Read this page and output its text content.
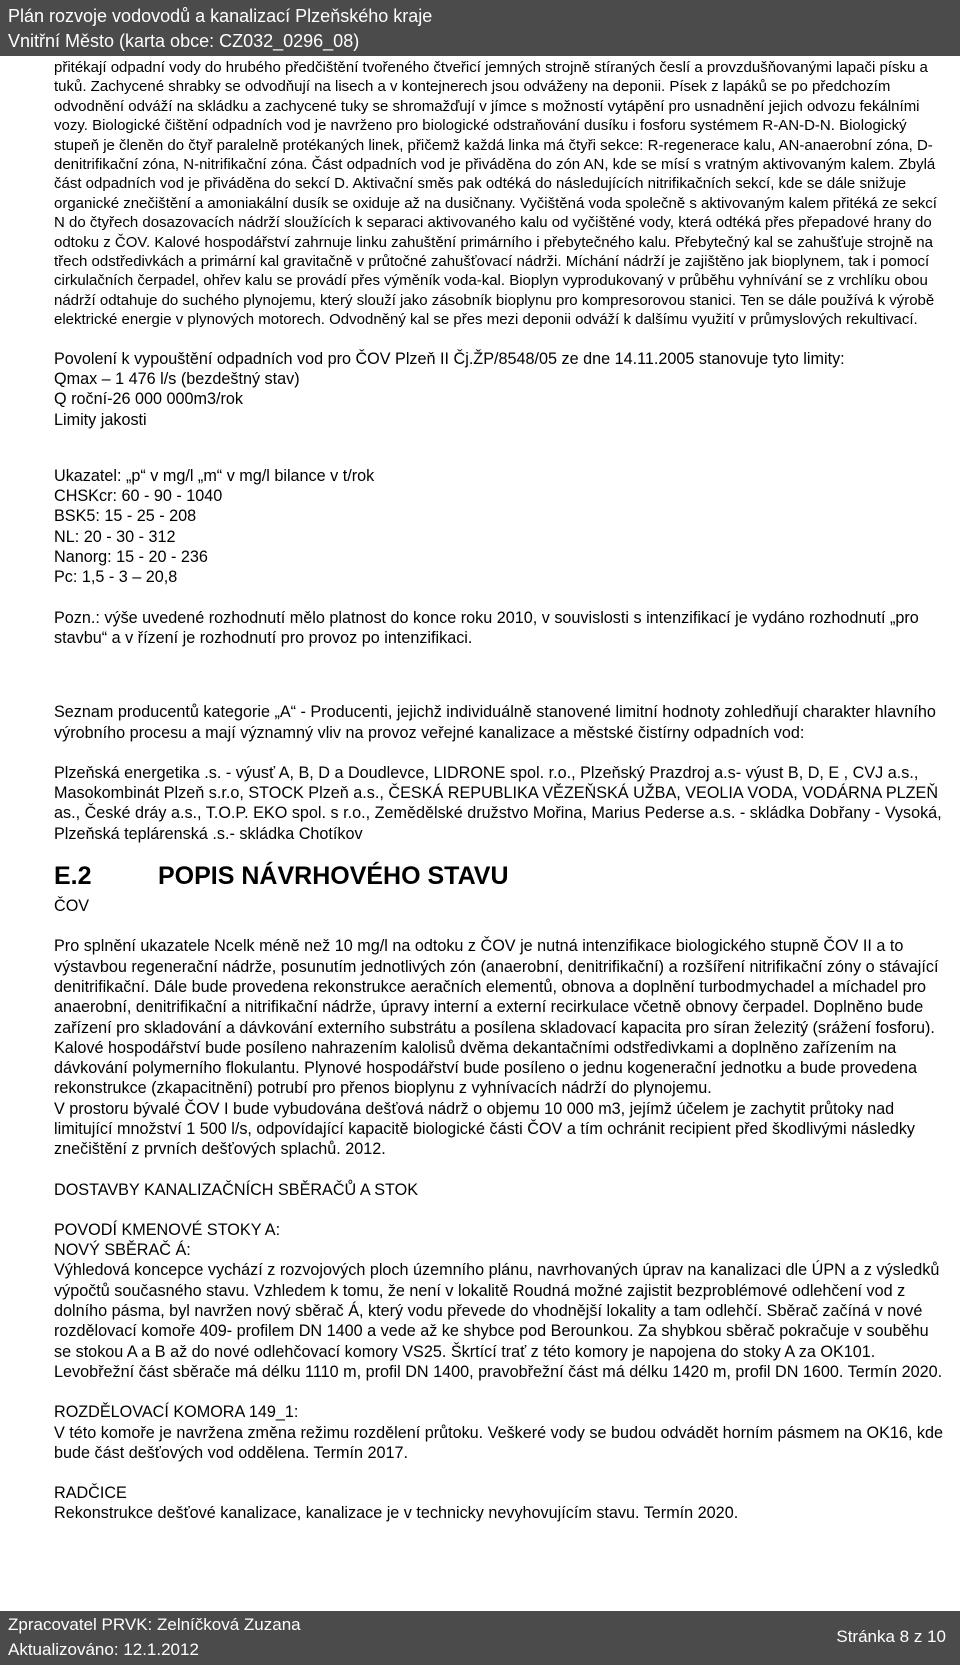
Plán rozvoje vodovodů a kanalizací Plzeňského kraje
Vnitřní Město (karta obce: CZ032_0296_08)

přitékají odpadní vody do hrubého předčištění tvořeného čtveřicí jemných strojně stíraných česlí a provzdušňovanými lapači písku a tuků. Zachycené shrabky se odvodňují na lisech a v kontejnerech jsou odváženy na deponii. Písek z lapáků se po předchozím odvodnění odváží na skládku a zachycené tuky se shromažďují v jímce s možností vytápění pro usnadnění jejich odvozu fekálními vozy. Biologické čištění odpadních vod je navrženo pro biologické odstraňování dusíku i fosforu systémem R-AN-D-N. Biologický stupeň je členěn do čtyř paralelně protékaných linek, přičemž každá linka má čtyři sekce: R-regenerace kalu, AN-anaerobní zóna, D-denitrifikační zóna, N-nitrifikační zóna. Část odpadních vod je přiváděna do zón AN, kde se mísí s vratným aktivovaným kalem. Zbylá část odpadních vod je přiváděna do sekcí D. Aktivační směs pak odtéká do následujících nitrifikačních sekcí, kde se dále snižuje organické znečištění a amoniakální dusík se oxiduje až na dusičnany. Vyčištěná voda společně s aktivovaným kalem přitéká ze sekcí N do čtyřech dosazovacích nádrží sloužících k separaci aktivovaného kalu od vyčištěné vody, která odtéká přes přepadové hrany do odtoku z ČOV. Kalové hospodářství zahrnuje linku zahuštění primárního i přebytečného kalu. Přebytečný kal se zahušťuje strojně na třech odstředivkách a primární kal gravitačně v průtočné zahušťovací nádrži. Míchání nádrží je zajištěno jak bioplynem, tak i pomocí cirkulačních čerpadel, ohřev kalu se provádí přes výměník voda-kal. Bioplyn vyprodukovaný v průběhu vyhnívání se z vrchlíku obou nádrží odtahuje do suchého plynojemu, který slouží jako zásobník bioplynu pro kompresorovou stanici. Ten se dále používá k výrobě elektrické energie v plynových motorech. Odvodněný kal se přes mezi deponii odváží k dalšímu využití v průmyslových rekultivací.

Povolení k vypouštění odpadních vod pro ČOV Plzeň II Čj.ŽP/8548/05 ze dne 14.11.2005 stanovuje tyto limity:

Qmax – 1 476 l/s (bezdeštný stav)

Q roční-26 000 000m3/rok

Limity jakosti

Ukazatel: „p“ v mg/l „m“ v mg/l bilance v t/rok

CHSKcr: 60 - 90 - 1040

BSK5: 15 - 25 - 208

NL: 20 - 30 - 312

Nanorg: 15 - 20 - 236

Pc: 1,5 - 3 – 20,8

Pozn.: výše uvedené rozhodnutí mělo platnost do konce roku 2010, v souvislosti s intenzifikací je vydáno rozhodnutí „pro stavbu“ a v řízení je rozhodnutí pro provoz po intenzifikaci.

Seznam producentů kategorie „A“ - Producenti, jejichž individuálně stanovené limitní hodnoty zohledňují charakter hlavního výrobního procesu a mají významný vliv na provoz veřejné kanalizace a městské čistírny odpadních vod:

Plzeňská energetika .s. - výusť A, B, D a Doudlevce, LIDRONE spol. r.o., Plzeňský Prazdroj a.s- výust B, D, E , CVJ a.s., Masokombinát Plzeň s.r.o, STOCK Plzeň a.s., ČESKÁ REPUBLIKA VĚZEŇSKÁ UŽBA, VEOLIA VODA, VODÁRNA PLZEŇ as., České dráy a.s., T.O.P. EKO spol. s r.o., Zemědělské družstvo Mořina, Marius Pederse a.s. - skládka Dobřany - Vysoká, Plzeňská teplárenská .s.- skládka Chotíkov

E.2	POPIS NÁVRHOVÉHO STAVU

ČOV

Pro splnění ukazatele Ncelk méně než 10 mg/l na odtoku z ČOV je nutná intenzifikace biologického stupně ČOV II a to výstavbou regenerační nádrže, posunutím jednotlivých zón (anaerobní, denitrifikační) a rozšíření nitrifikační zóny o stávající denitrifikační. Dále bude provedena rekonstrukce aeračních elementů, obnova a doplnění turbodmychadel a míchadel pro anaerobní, denitrifikační a nitrifikační nádrže, úpravy interní a externí recirkulace včetně obnovy čerpadel. Doplněno bude zařízení pro skladování a dávkování externího substrátu a posílena skladovací kapacita pro síran železitý (srážení fosforu). Kalové hospodářství bude posíleno nahrazením kalolisů dvěma dekantačními odstředivkami a doplněno zařízením na dávkování polymerního flokulantu. Plynové hospodářství bude posíleno o jednu kogenerační jednotku a bude provedena rekonstrukce (zkapacitnění) potrubí pro přenos bioplynu z vyhnívacích nádrží do plynojemu.

V prostoru bývalé ČOV I bude vybudována dešťová nádrž o objemu 10 000 m3, jejímž účelem je zachytit průtoky nad limitující množství 1 500 l/s, odpovídající kapacitě biologické části ČOV a tím ochránit recipient před škodlivými následky znečištění z prvních dešťových splachů. 2012.

DOSTAVBY KANALIZAČNÍCH SBĚRAČŮ A STOK

POVODÍ KMENOVÉ STOKY A:

NOVÝ SBĚRAČ Á:

Výhledová koncepce vychází z rozvojových ploch územního plánu, navrhovaných úprav na kanalizaci dle ÚPN a z výsledků výpočtů současného stavu. Vzhledem k tomu, že není v lokalitě Roudná možné zajistit bezproblémové odlehčení vod z dolního pásma, byl navržen nový sběrač Á, který vodu převede do vhodnější lokality a tam odlehčí. Sběrač začíná v nové rozdělovací komoře 409- profilem DN 1400 a vede až ke shybce pod Berounkou. Za shybkou sběrač pokračuje v souběhu se stokou A a B až do nové odlehčovací komory VS25. Škrtící trať z této komory je napojena do stoky A za OK101. Levobřežní část sběrače má délku 1110 m, profil DN 1400, pravobřežní část má délku 1420 m, profil DN 1600. Termín 2020.

ROZDĚLOVACÍ KOMORA 149_1:

V této komoře je navržena změna režimu rozdělení průtoku. Veškeré vody se budou odvádět horním pásmem na OK16, kde bude část dešťových vod oddělena. Termín 2017.

RADČICE

Rekonstrukce dešťové kanalizace, kanalizace je v technicky nevyhovujícím stavu. Termín 2020.

Zpracovatel PRVK: Zelníčková Zuzana
Aktualizováno: 12.1.2012
Stránka 8 z 10
